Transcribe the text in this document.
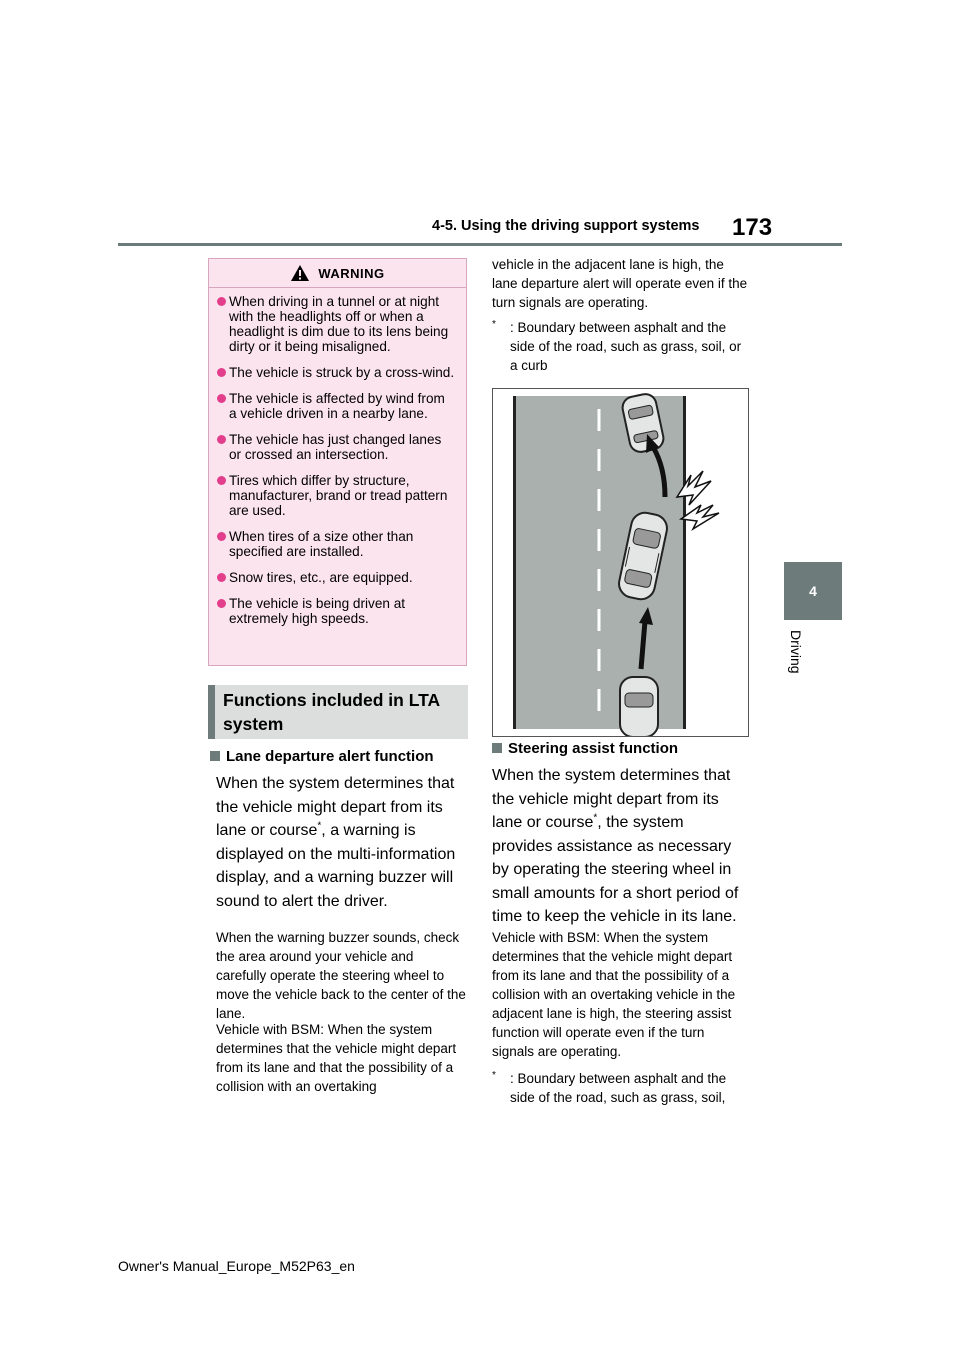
4-5. Using the driving support systems 173
4
Driving
WARNING
When driving in a tunnel or at night with the headlights off or when a headlight is dim due to its lens being dirty or it being misaligned.
The vehicle is struck by a cross-wind.
The vehicle is affected by wind from a vehicle driven in a nearby lane.
The vehicle has just changed lanes or crossed an intersection.
Tires which differ by structure, manufacturer, brand or tread pattern are used.
When tires of a size other than specified are installed.
Snow tires, etc., are equipped.
The vehicle is being driven at extremely high speeds.
Functions included in LTA
system
Lane departure alert function

When the system determines that the vehicle might depart from its lane or course*, a warning is displayed on the multi-information display, and a warning buzzer will sound to alert the driver.

When the warning buzzer sounds, check the area around your vehicle and carefully operate the steering wheel to move the vehicle back to the center of the lane.

Vehicle with BSM: When the system determines that the vehicle might depart from its lane and that the possibility of a collision with an overtaking

vehicle in the adjacent lane is high, the lane departure alert will operate even if the turn signals are operating.

*	: Boundary between asphalt and the side of the road, such as grass, soil, or a curb
Steering assist function

When the system determines that the vehicle might depart from its lane or course*, the system provides assistance as necessary by operating the steering wheel in small amounts for a short period of time to keep the vehicle in its lane.

Vehicle with BSM: When the system determines that the vehicle might depart from its lane and that the possibility of a collision with an overtaking vehicle in the adjacent lane is high, the steering assist function will operate even if the turn signals are operating.

*	: Boundary between asphalt and the side of the road, such as grass, soil,
Owner's Manual_Europe_M52P63_en
